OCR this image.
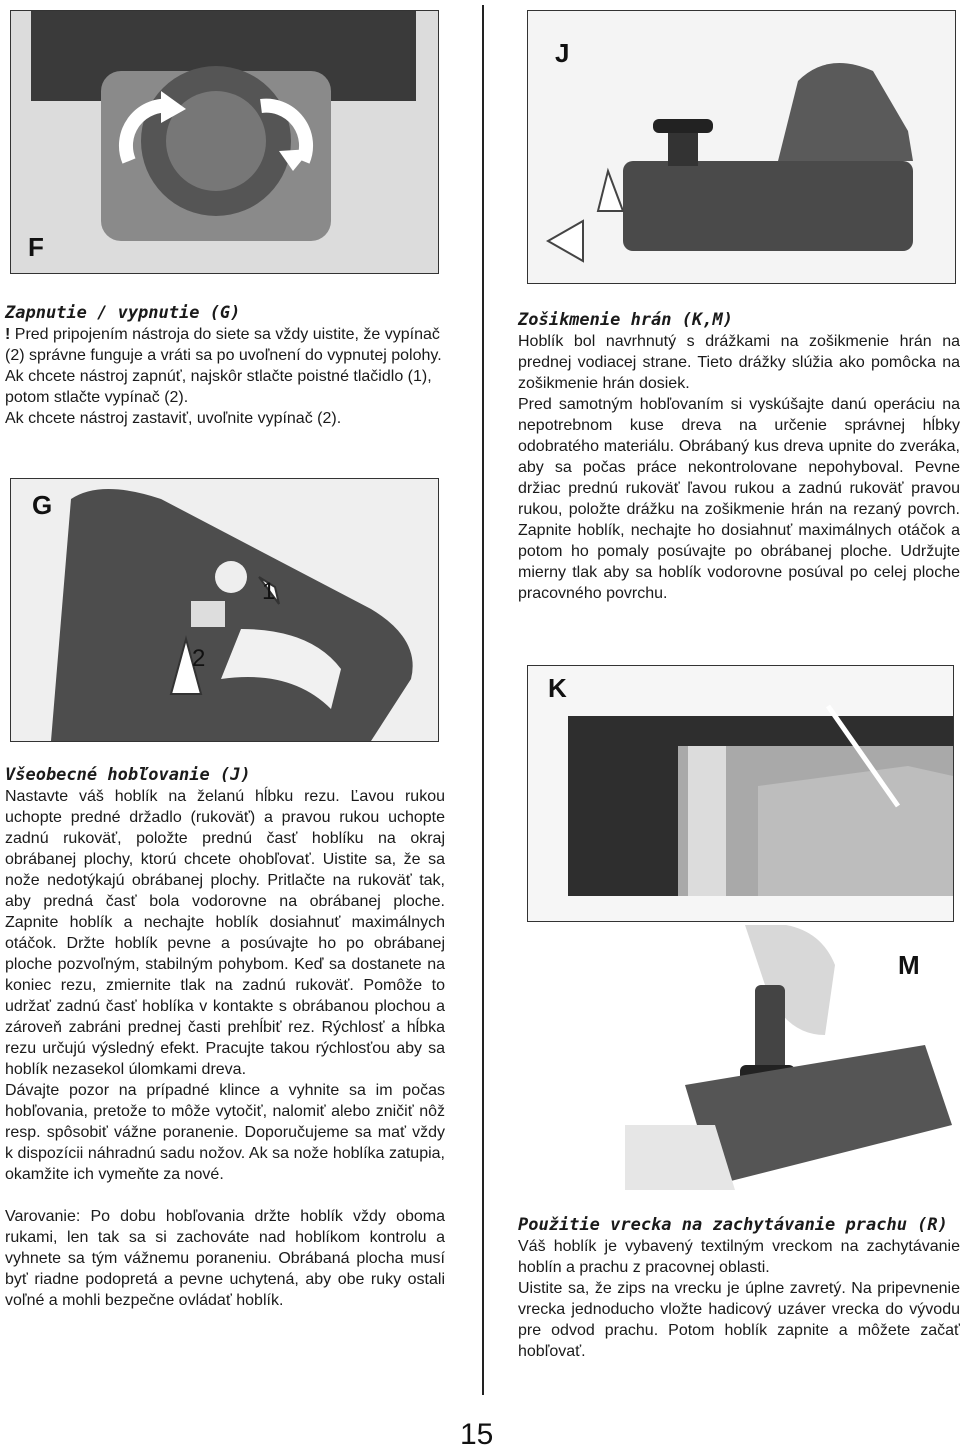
F
J
Zapnutie / vypnutie (G)

! Pred pripojením nástroja do siete sa vždy uistite, že vypínač (2) správne funguje a vráti sa po uvoľnení do vypnutej polohy.

Ak chcete nástroj zapnúť, najskôr stlačte poistné tlačidlo (1), potom stlačte vypínač (2).

Ak chcete nástroj zastaviť, uvoľnite vypínač (2).

G
1
2
Zošikmenie hrán (K,M)

Hoblík bol navrhnutý s drážkami na zošikmenie hrán na prednej vodiacej strane. Tieto drážky slúžia ako pomôcka na zošikmenie hrán dosiek.

Pred samotným hobľovaním si vyskúšajte danú operáciu na nepotrebnom kuse dreva na určenie správnej hĺbky odobratého materiálu. Obrábaný kus dreva upnite do zveráka, aby sa počas práce nekontrolovane nepohyboval. Pevne držiac prednú rukoväť ľavou rukou a zadnú rukoväť pravou rukou, položte drážku na zošikmenie hrán na rezaný povrch. Zapnite hoblík, nechajte ho dosiahnuť maximálnych otáčok a potom ho pomaly posúvajte po obrábanej ploche. Udržujte mierny tlak aby sa hoblík vodorovne posúval po celej ploche pracovného povrchu.

K
Všeobecné hobľovanie (J)

Nastavte váš hoblík na želanú hĺbku rezu. Ľavou rukou uchopte predné držadlo (rukoväť) a pravou rukou uchopte zadnú rukoväť, položte prednú časť hoblíku na okraj obrábanej plochy, ktorú chcete ohobľovať. Uistite sa, že sa nože nedotýkajú obrábanej plochy. Pritlačte na rukoväť tak, aby predná časť bola vodorovne na obrábanej ploche. Zapnite hoblík a nechajte hoblík dosiahnuť maximálnych otáčok. Držte hoblík pevne a posúvajte ho po obrábanej ploche pozvoľným, stabilným pohybom. Keď sa dostanete na koniec rezu, zmiernite tlak na zadnú rukoväť. Pomôže to udržať zadnú časť hoblíka v kontakte s obrábanou plochou a zároveň zabráni prednej časti prehĺbiť rez. Rýchlosť a hĺbka rezu určujú výsledný efekt. Pracujte takou rýchlosťou aby sa hoblík nezasekol úlomkami dreva.

Dávajte pozor na prípadné klince a vyhnite sa im počas hobľovania, pretože to môže vytočiť, nalomiť alebo zničiť nôž resp. spôsobiť vážne poranenie. Doporučujeme sa mať vždy k dispozícii náhradnú sadu nožov. Ak sa nože hoblíka zatupia, okamžite ich vymeňte za nové.

Varovanie: Po dobu hobľovania držte hoblík vždy oboma rukami, len tak sa si zachováte nad hoblíkom kontrolu a vyhnete sa tým vážnemu poraneniu. Obrábaná plocha musí byť riadne podopretá a pevne uchytená, aby obe ruky ostali voľné a mohli bezpečne ovládať hoblík.

M
Použitie vrecka na zachytávanie prachu (R)

Váš hoblík je vybavený textilným vreckom na zachytávanie hoblín a prachu z pracovnej oblasti.

Uistite sa, že zips na vrecku je úplne zavretý. Na pripevnenie vrecka jednoducho vložte hadicový uzáver vrecka do vývodu pre odvod prachu. Potom hoblík zapnite a môžete začať hobľovať.

15
